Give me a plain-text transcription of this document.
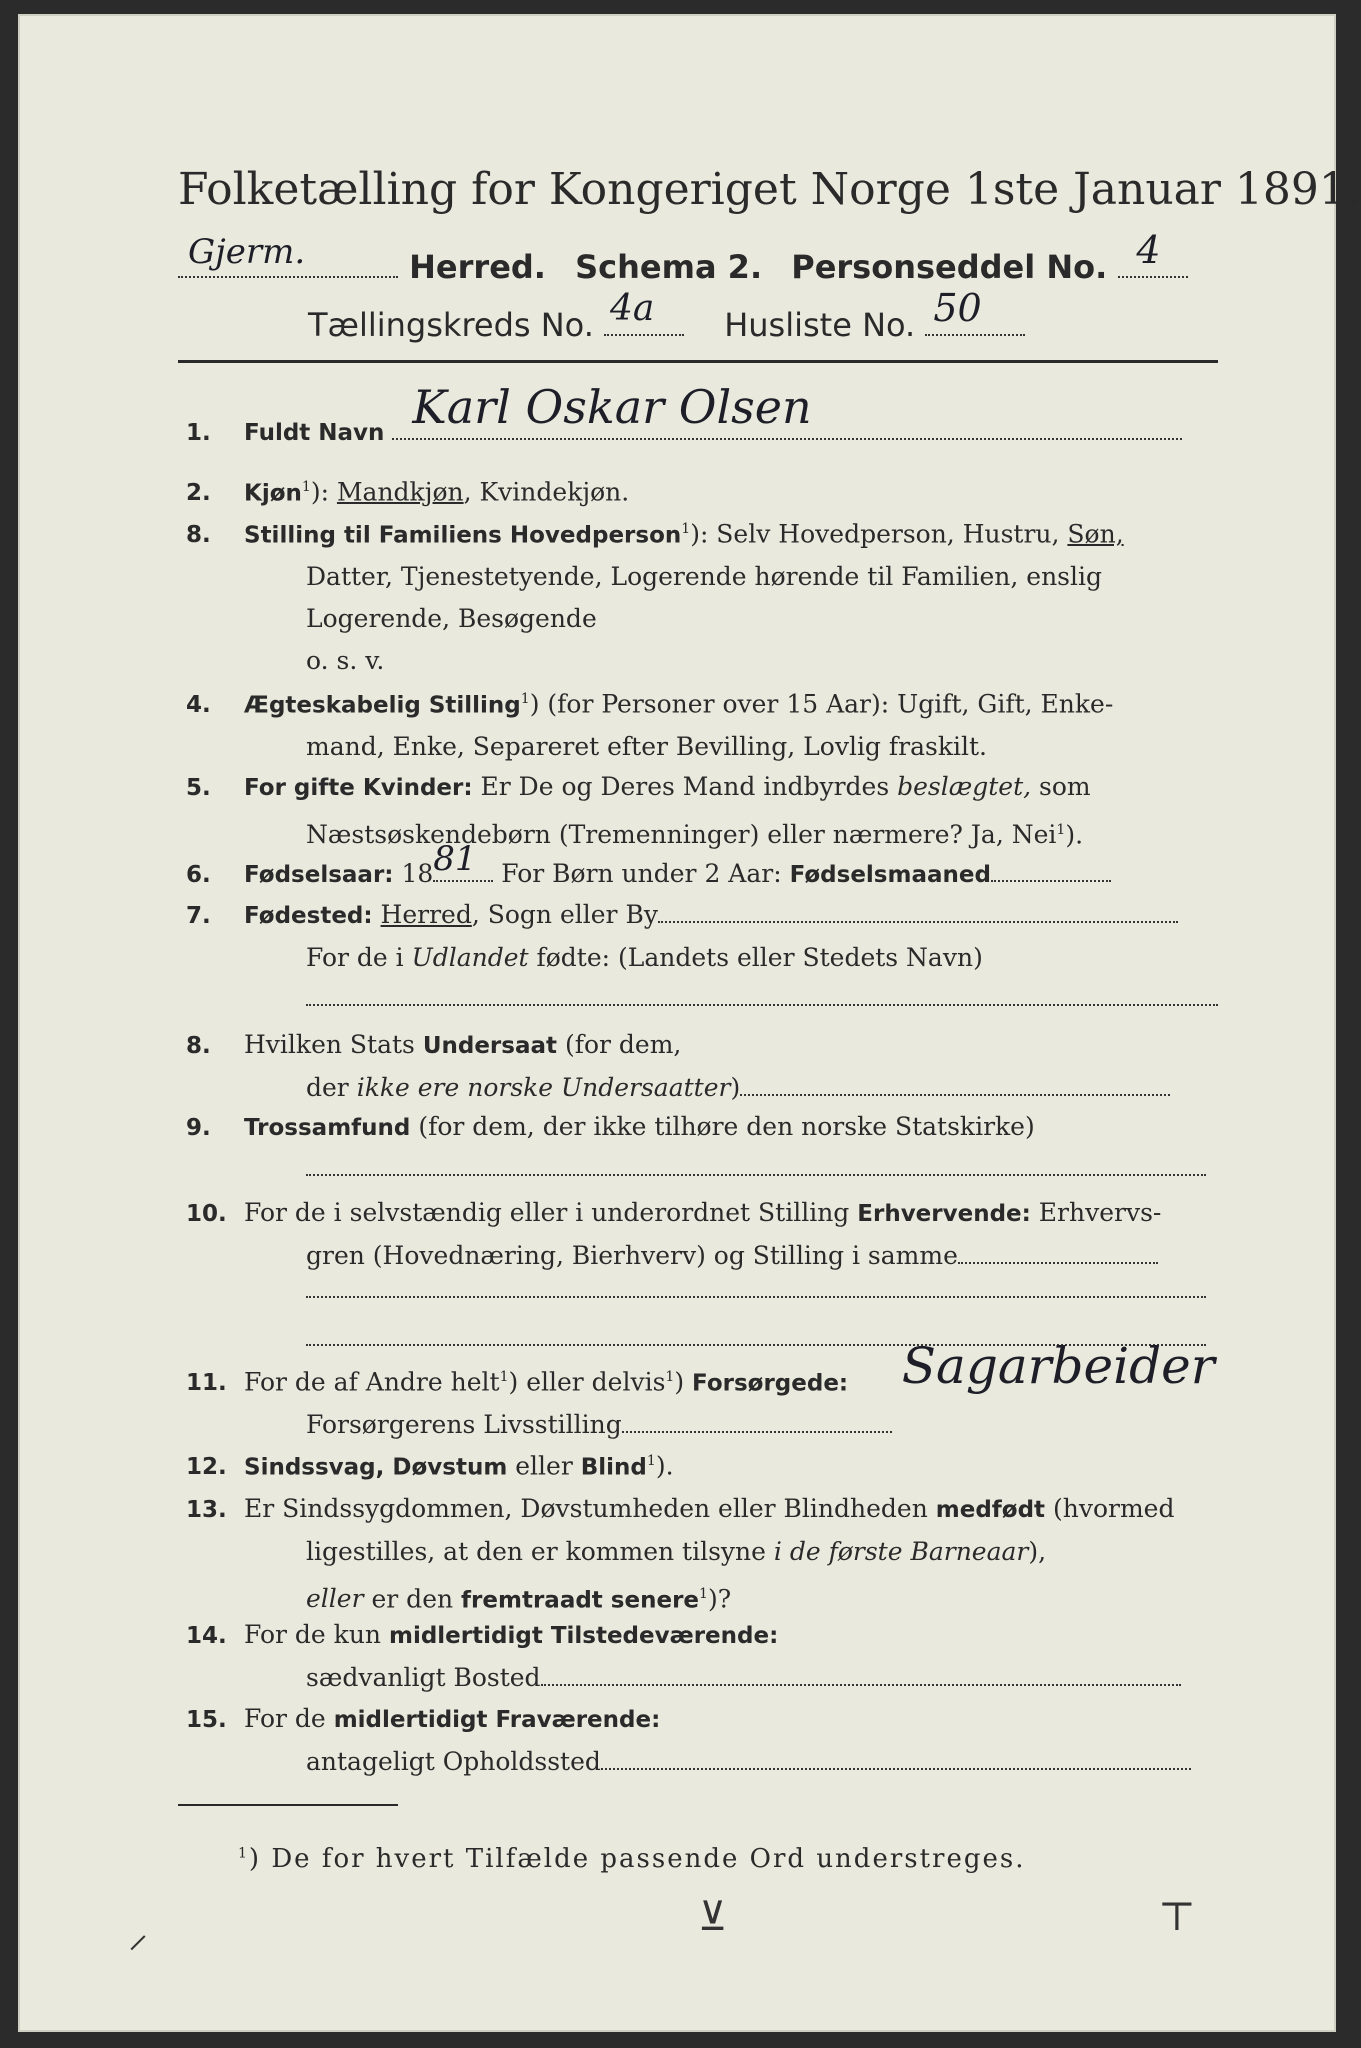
Folketælling for Kongeriget Norge 1ste Januar 1891.
Gjerm.	Herred. Schema 2. Personseddel No. 4
Tællingskreds No. 4a Husliste No. 50
1. Fuldt Navn Karl Oskar Olsen
2. Kjøn$^1$): Mandkjøn, Kvindekjøn.
8. Stilling til Familiens Hovedperson$^1$): Selv Hovedperson, Hustru, Søn,
Datter, Tjenestetyende, Logerende hørende til Familien, enslig
Logerende, Besøgende
o. s. v.
4. Ægteskabelig Stilling$^1$) (for Personer over 15 Aar): Ugift, Gift, Enke-
mand, Enke, Separeret efter Bevilling, Lovlig fraskilt.
5. For gifte Kvinder: Er De og Deres Mand indbyrdes beslægtet, som
Næstsøskendebørn (Tremenninger) eller nærmere? Ja, Nei$^1$).
6. Fødselsaar: 18 81 For Børn under 2 Aar: Fødselsmaaned
7. Fødested: Herred, Sogn eller By
For de i Udlandet fødte: (Landets eller Stedets Navn)
8. Hvilken Stats Undersaat (for dem,
der ikke ere norske Undersaatter)
9. Trossamfund (for dem, der ikke tilhøre den norske Statskirke)
10. For de i selvstændig eller i underordnet Stilling Erhvervende: Erhvervs-
gren (Hovednæring, Bierhverv) og Stilling i samme
11. For de af Andre helt$^1$) eller delvis$^1$) Forsørgede:
Forsørgerens Livsstilling
Sagarbeider
12. Sindssvag, Døvstum eller Blind$^1$).
13. Er Sindssygdommen, Døvstumheden eller Blindheden medfødt (hvormed
ligestilles, at den er kommen tilsyne i de første Barneaar),
eller er den fremtraadt senere$^1$)?
14. For de kun midlertidigt Tilstedeværende:
sædvanligt Bosted
15. For de midlertidigt Fraværende:
antageligt Opholdssted
$^1$) De for hvert Tilfælde passende Ord understreges.
⸝	⊻	⊤
